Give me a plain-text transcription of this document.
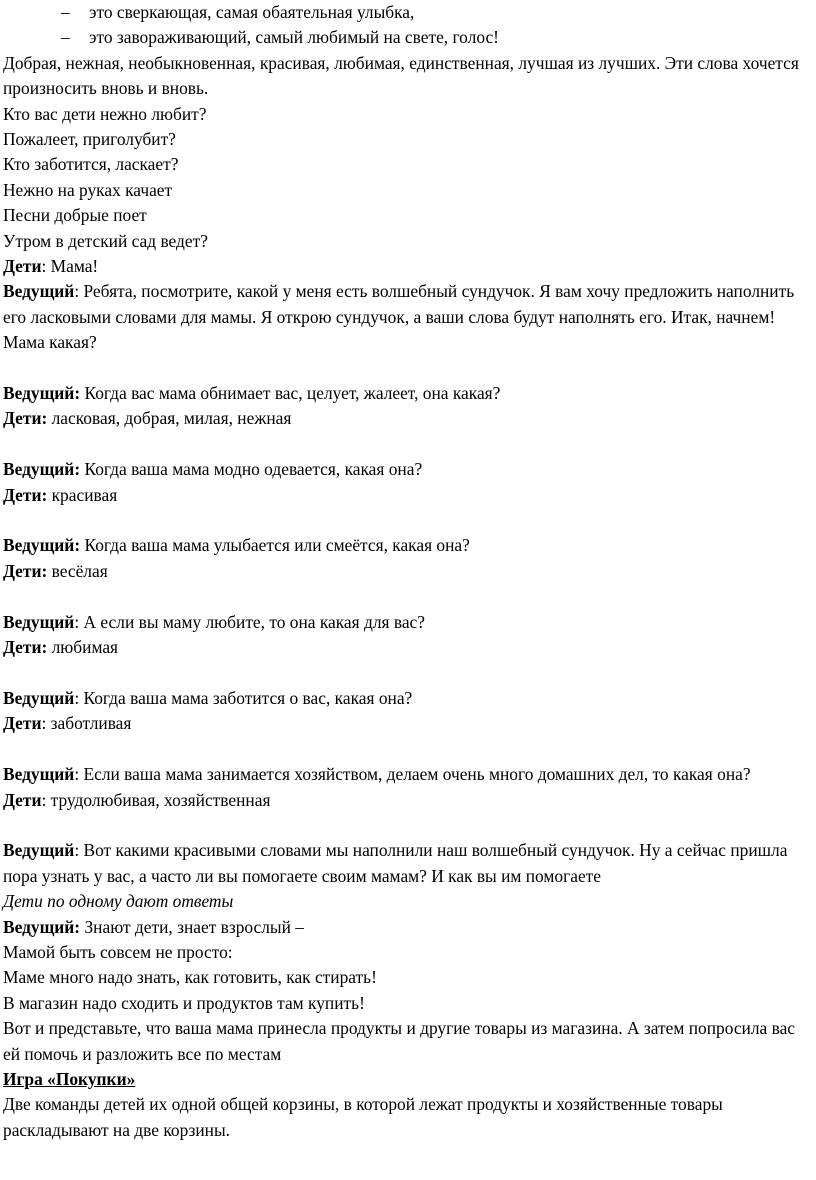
–	это сверкающая, самая обаятельная улыбка,
–	это завораживающий, самый любимый на свете, голос!

Добрая, нежная, необыкновенная, красивая, любимая, единственная, лучшая из лучших. Эти слова хочется произносить вновь и вновь.

Кто вас дети нежно любит?

Пожалеет, приголубит?

Кто заботится, ласкает?

Нежно на руках качает

Песни добрые поет

Утром в детский сад ведет?

Дети: Мама!

Ведущий: Ребята, посмотрите, какой у меня есть волшебный сундучок. Я вам хочу предложить наполнить его ласковыми словами для мамы. Я открою сундучок, а ваши слова будут наполнять его. Итак, начнем! Мама какая?

Ведущий: Когда вас мама обнимает вас, целует, жалеет, она какая?

Дети: ласковая, добрая, милая, нежная

Ведущий: Когда ваша мама модно одевается, какая она?

Дети: красивая

Ведущий: Когда ваша мама улыбается или смеётся, какая она?

Дети: весёлая

Ведущий: А если вы маму любите, то она какая для вас?

Дети: любимая

Ведущий: Когда ваша мама заботится о вас, какая она?

Дети: заботливая

Ведущий: Если ваша мама занимается хозяйством, делаем очень много домашних дел, то какая она?

Дети: трудолюбивая, хозяйственная

Ведущий: Вот какими красивыми словами мы наполнили наш волшебный сундучок. Ну а сейчас пришла пора узнать у вас, а часто ли вы помогаете своим мамам? И как вы им помогаете

Дети по одному дают ответы

Ведущий: Знают дети, знает взрослый –

Мамой быть совсем не просто:

Маме много надо знать, как готовить, как стирать!

В магазин надо сходить и продуктов там купить!

Вот и представьте, что ваша мама принесла продукты и другие товары из магазина. А затем попросила вас ей помочь и разложить все по местам

Игра «Покупки»

Две команды детей их одной общей корзины, в которой лежат продукты и хозяйственные товары раскладывают на две корзины.
